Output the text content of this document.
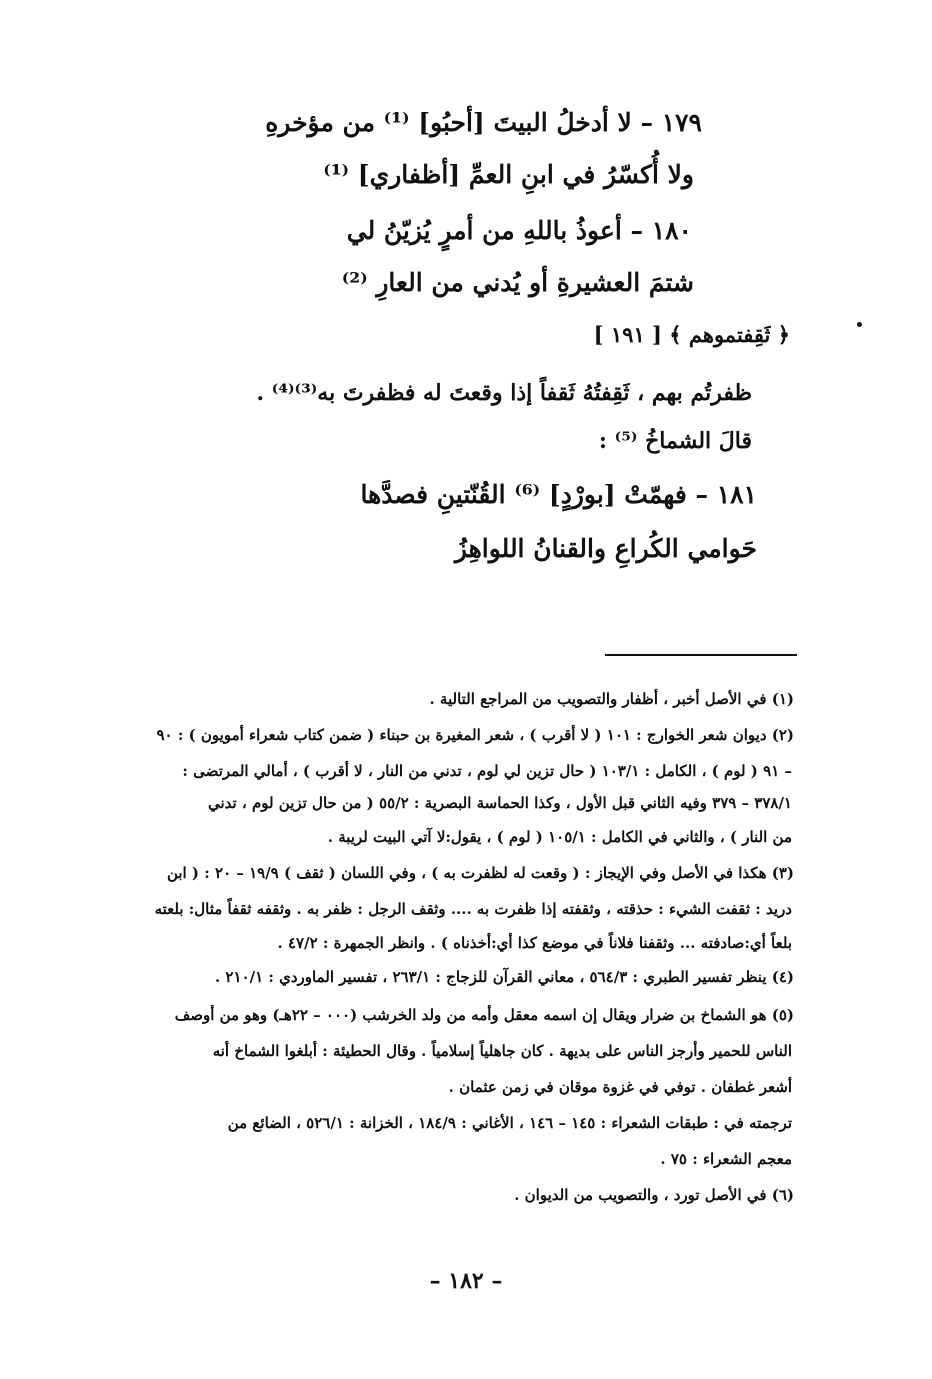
١٧٩ – لا أدخلُ البيتَ [أحبُو] ⁽¹⁾ من مؤخرهِ
ولا أُكسّرُ في ابنِ العمِّ [أظفاري] ⁽¹⁾
١٨٠ – أعوذُ باللهِ من أمرٍ يُزيّنُ لي
شتمَ العشيرةِ أو يُدني من العارِ ⁽²⁾
﴿ ثَقِفتموهم ﴾ [ ١٩١ ]
ظفرتُم بهم ، ثَقِفتُهُ ثَقفاً إذا وقعتَ له فظفرتَ به⁽³⁾⁽⁴⁾ .
قالَ الشماخُ ⁽⁵⁾ :
١٨١ – فهمّتْ [بورْدٍ] ⁽⁶⁾ القُنّتينِ فصدَّها
حَوامي الكُراعِ والقنانُ اللواهِزُ
(١) في الأصل أخبر ، أظفار والتصويب من المراجع التالية .
(٢) ديوان شعر الخوارج : ١٠١ ( لا أقرب ) ، شعر المغيرة بن حبناء ( ضمن كتاب شعراء أمويون ) : ٩٠
– ٩١ ( لوم ) ، الكامل : ١٠٣/١ ( حال تزين لي لوم ، تدني من النار ، لا أقرب ) ، أمالي المرتضى :
٣٧٨/١ – ٣٧٩ وفيه الثاني قبل الأول ، وكذا الحماسة البصرية : ٥٥/٢ ( من حال تزين لوم ، تدني
من النار ) ، والثاني في الكامل : ١٠٥/١ ( لوم ) ، يقول:لا آتي البيت لريبة .
(٣) هكذا في الأصل وفي الإيجاز : ( وقعت له لظفرت به ) ، وفي اللسان ( ثقف ) ١٩/٩ – ٢٠ : ( ابن
دريد : ثقفت الشيء : حذقته ، وثقفته إذا ظفرت به .... وثقف الرجل : ظفر به . وثقفه ثقفاً مثال: بلعته
بلعاً أي:صادفته ... وثقفنا فلاناً في موضع كذا أي:أخذناه ) . وانظر الجمهرة : ٤٧/٢ .
(٤) ينظر تفسير الطبري : ٥٦٤/٣ ، معاني القرآن للزجاج : ٢٦٣/١ ، تفسير الماوردي : ٢١٠/١ .
(٥) هو الشماخ بن ضرار ويقال إن اسمه معقل وأمه من ولد الخرشب (٠٠٠ – ٢٢هـ) وهو من أوصف
الناس للحمير وأرجز الناس على بديهة . كان جاهلياً إسلامياً . وقال الحطيئة : أبلغوا الشماخ أنه
أشعر غطفان . توفي في غزوة موقان في زمن عثمان .
ترجمته في : طبقات الشعراء : ١٤٥ – ١٤٦ ، الأغاني : ١٨٤/٩ ، الخزانة : ٥٢٦/١ ، الضائع من
معجم الشعراء : ٧٥ .
(٦) في الأصل تورد ، والتصويب من الديوان .
– ١٨٢ –
